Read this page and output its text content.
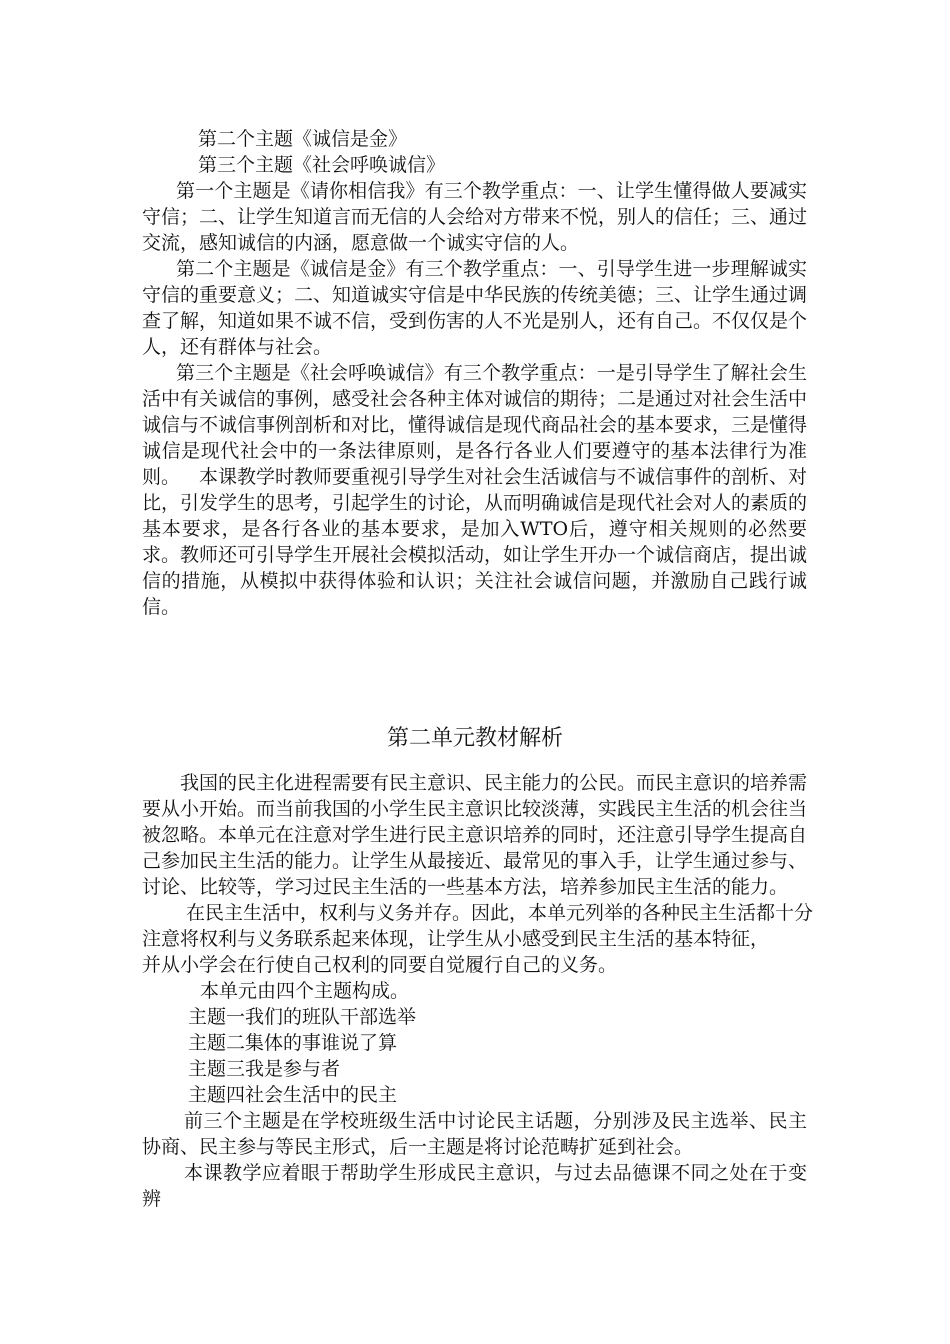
第二个主题《诚信是金》
第三个主题《社会呼唤诚信》
第一个主题是《请你相信我》有三个教学重点：一、让学生懂得做人要减实守信；二、让学生知道言而无信的人会给对方带来不悦，别人的信任；三、通过交流，感知诚信的内涵，愿意做一个诚实守信的人。
第二个主题是《诚信是金》有三个教学重点：一、引导学生进一步理解诚实守信的重要意义；二、知道诚实守信是中华民族的传统美德；三、让学生通过调查了解，知道如果不诚不信，受到伤害的人不光是别人，还有自己。不仅仅是个人，还有群体与社会。
第三个主题是《社会呼唤诚信》有三个教学重点：一是引导学生了解社会生活中有关诚信的事例，感受社会各种主体对诚信的期待；二是通过对社会生活中诚信与不诚信事例剖析和对比，懂得诚信是现代商品社会的基本要求，三是懂得诚信是现代社会中的一条法律原则，是各行各业人们要遵守的基本法律行为准则。 本课教学时教师要重视引导学生对社会生活诚信与不诚信事件的剖析、对比，引发学生的思考，引起学生的讨论，从而明确诚信是现代社会对人的素质的基本要求，是各行各业的基本要求，是加入WTO后，遵守相关规则的必然要求。教师还可引导学生开展社会模拟活动，如让学生开办一个诚信商店，提出诚信的措施，从模拟中获得体验和认识；关注社会诚信问题，并激励自己践行诚信。
第二单元教材解析
我国的民主化进程需要有民主意识、民主能力的公民。而民主意识的培养需要从小开始。而当前我国的小学生民主意识比较淡薄，实践民主生活的机会往当被忽略。本单元在注意对学生进行民主意识培养的同时，还注意引导学生提高自己参加民主生活的能力。让学生从最接近、最常见的事入手，让学生通过参与、讨论、比较等，学习过民主生活的一些基本方法，培养参加民主生活的能力。
在民主生活中，权利与义务并存。因此，本单元列举的各种民主生活都十分
注意将权利与义务联系起来体现，让学生从小感受到民主生活的基本特征，
并从小学会在行使自己权利的同要自觉履行自己的义务。
本单元由四个主题构成。
主题一我们的班队干部选举
主题二集体的事谁说了算
主题三我是参与者
主题四社会生活中的民主
前三个主题是在学校班级生活中讨论民主话题，分别涉及民主选举、民主协商、民主参与等民主形式，后一主题是将讨论范畴扩延到社会。
本课教学应着眼于帮助学生形成民主意识，与过去品德课不同之处在于变辨
